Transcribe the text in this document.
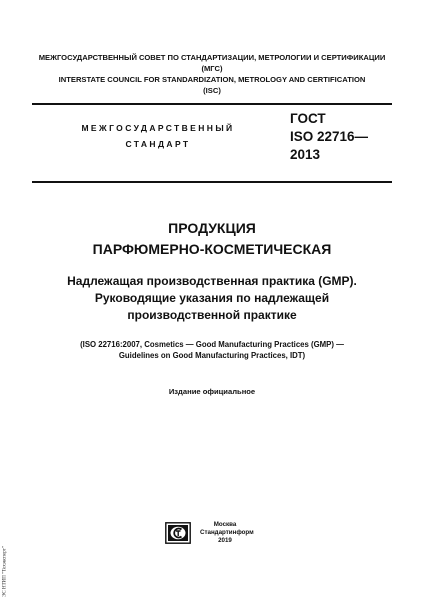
МЕЖГОСУДАРСТВЕННЫЙ СОВЕТ ПО СТАНДАРТИЗАЦИИ, МЕТРОЛОГИИ И СЕРТИФИКАЦИИ
(МГС)
INTERSTATE COUNCIL FOR STANDARDIZATION, METROLOGY AND CERTIFICATION
(ISC)
МЕЖГОСУДАРСТВЕННЫЙ
СТАНДАРТ
ГОСТ
ISO 22716—
2013
ПРОДУКЦИЯ
ПАРФЮМЕРНО-КОСМЕТИЧЕСКАЯ
Надлежащая производственная практика (GMP).
Руководящие указания по надлежащей
производственной практике
(ISO 22716:2007, Cosmetics — Good Manufacturing Practices (GMP) —
Guidelines on Good Manufacturing Practices, IDT)
Издание официальное
Москва
Стандартинформ
2019
ЭС НТИП "Техэксперт"
